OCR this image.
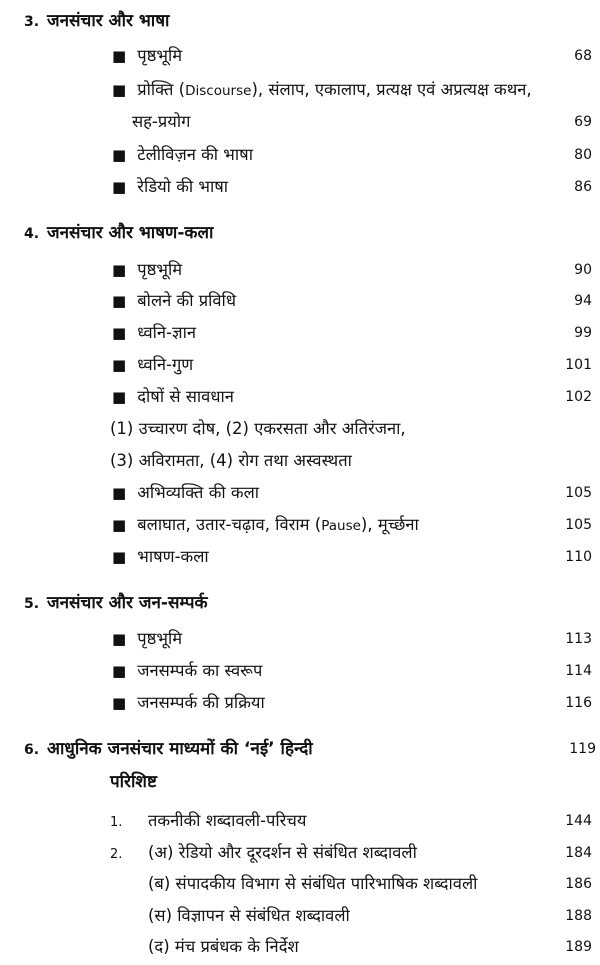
3. जनसंचार और भाषा
■ पृष्ठभूमि	68
■ प्रोक्ति (Discourse), संलाप, एकालाप, प्रत्यक्ष एवं अप्रत्यक्ष कथन,
सह-प्रयोग	69
■ टेलीविज़न की भाषा	80
■ रेडियो की भाषा	86
4. जनसंचार और भाषण-कला
■ पृष्ठभूमि	90
■ बोलने की प्रविधि	94
■ ध्वनि-ज्ञान	99
■ ध्वनि-गुण	101
■ दोषों से सावधान	102
(1) उच्चारण दोष, (2) एकरसता और अतिरंजना,
(3) अविरामता, (4) रोग तथा अस्वस्थता
■ अभिव्यक्ति की कला	105
■ बलाघात, उतार-चढ़ाव, विराम (Pause), मूर्च्छना	105
■ भाषण-कला	110
5. जनसंचार और जन-सम्पर्क
■ पृष्ठभूमि	113
■ जनसम्पर्क का स्वरूप	114
■ जनसम्पर्क की प्रक्रिया	116
6. आधुनिक जनसंचार माध्यमों की ‘नई’ हिन्दी	119
परिशिष्ट
1. तकनीकी शब्दावली-परिचय	144
2. (अ) रेडियो और दूरदर्शन से संबंधित शब्दावली	184
(ब) संपादकीय विभाग से संबंधित पारिभाषिक शब्दावली	186
(स) विज्ञापन से संबंधित शब्दावली	188
(द) मंच प्रबंधक के निर्देश	189
